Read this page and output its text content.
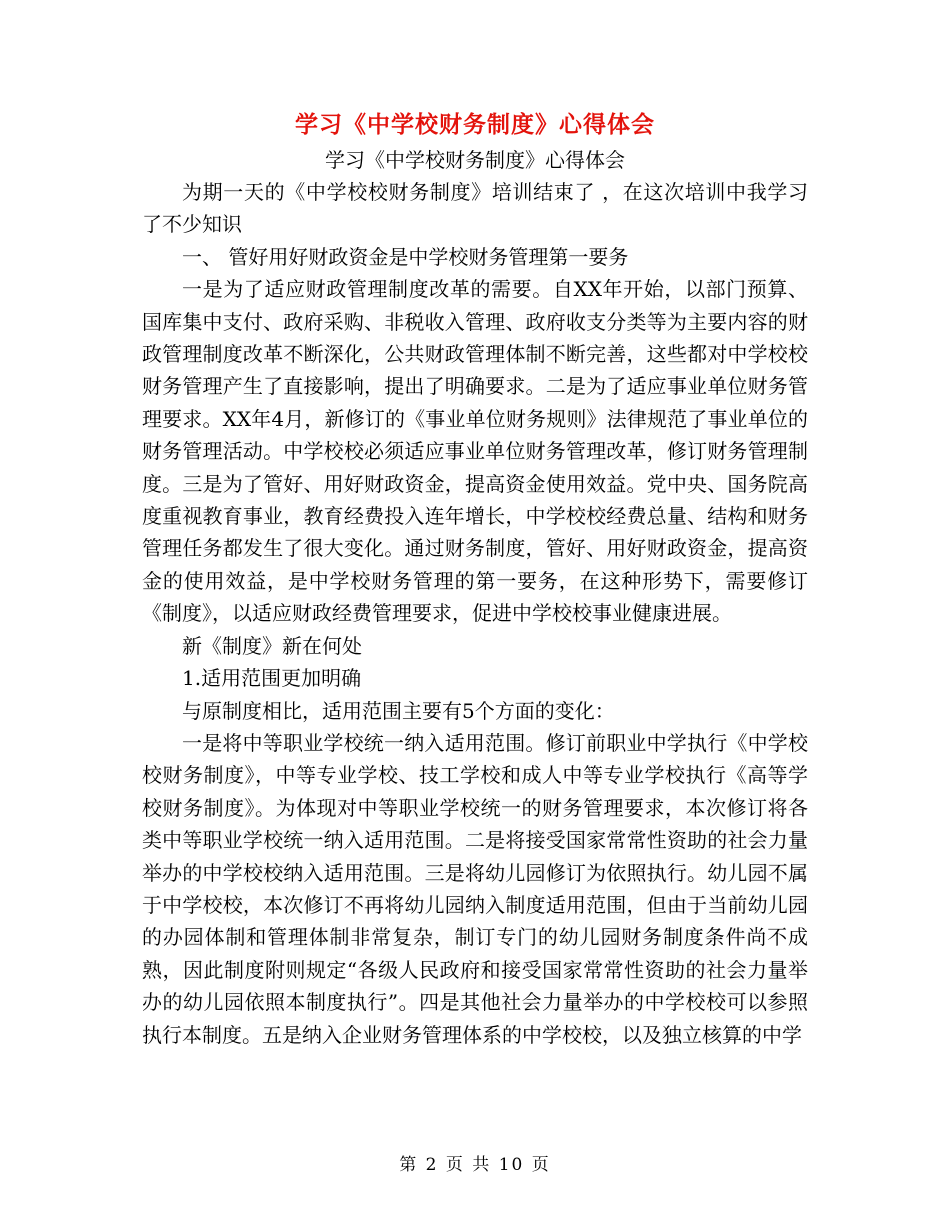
学习《中学校财务制度》心得体会

学习《中学校财务制度》心得体会

为期一天的《中学校校财务制度》培训结束了 ，在这次培训中我学习了不少知识

一、 管好用好财政资金是中学校财务管理第一要务

一是为了适应财政管理制度改革的需要。自XX年开始，以部门预算、国库集中支付、政府采购、非税收入管理、政府收支分类等为主要内容的财政管理制度改革不断深化，公共财政管理体制不断完善，这些都对中学校校财务管理产生了直接影响，提出了明确要求。二是为了适应事业单位财务管理要求。XX年4月，新修订的《事业单位财务规则》法律规范了事业单位的财务管理活动。中学校校必须适应事业单位财务管理改革，修订财务管理制度。三是为了管好、用好财政资金，提高资金使用效益。党中央、国务院高度重视教育事业，教育经费投入连年增长，中学校校经费总量、结构和财务管理任务都发生了很大变化。通过财务制度，管好、用好财政资金，提高资金的使用效益，是中学校财务管理的第一要务，在这种形势下，需要修订《制度》，以适应财政经费管理要求，促进中学校校事业健康进展。

新《制度》新在何处

1.适用范围更加明确

与原制度相比，适用范围主要有5个方面的变化：

一是将中等职业学校统一纳入适用范围。修订前职业中学执行《中学校校财务制度》，中等专业学校、技工学校和成人中等专业学校执行《高等学校财务制度》。为体现对中等职业学校统一的财务管理要求，本次修订将各类中等职业学校统一纳入适用范围。二是将接受国家常常性资助的社会力量举办的中学校校纳入适用范围。三是将幼儿园修订为依照执行。幼儿园不属于中学校校，本次修订不再将幼儿园纳入制度适用范围，但由于当前幼儿园的办园体制和管理体制非常复杂，制订专门的幼儿园财务制度条件尚不成熟，因此制度附则规定“各级人民政府和接受国家常常性资助的社会力量举办的幼儿园依照本制度执行”。四是其他社会力量举办的中学校校可以参照执行本制度。五是纳入企业财务管理体系的中学校校，以及独立核算的中学

第 2 页 共 10 页
